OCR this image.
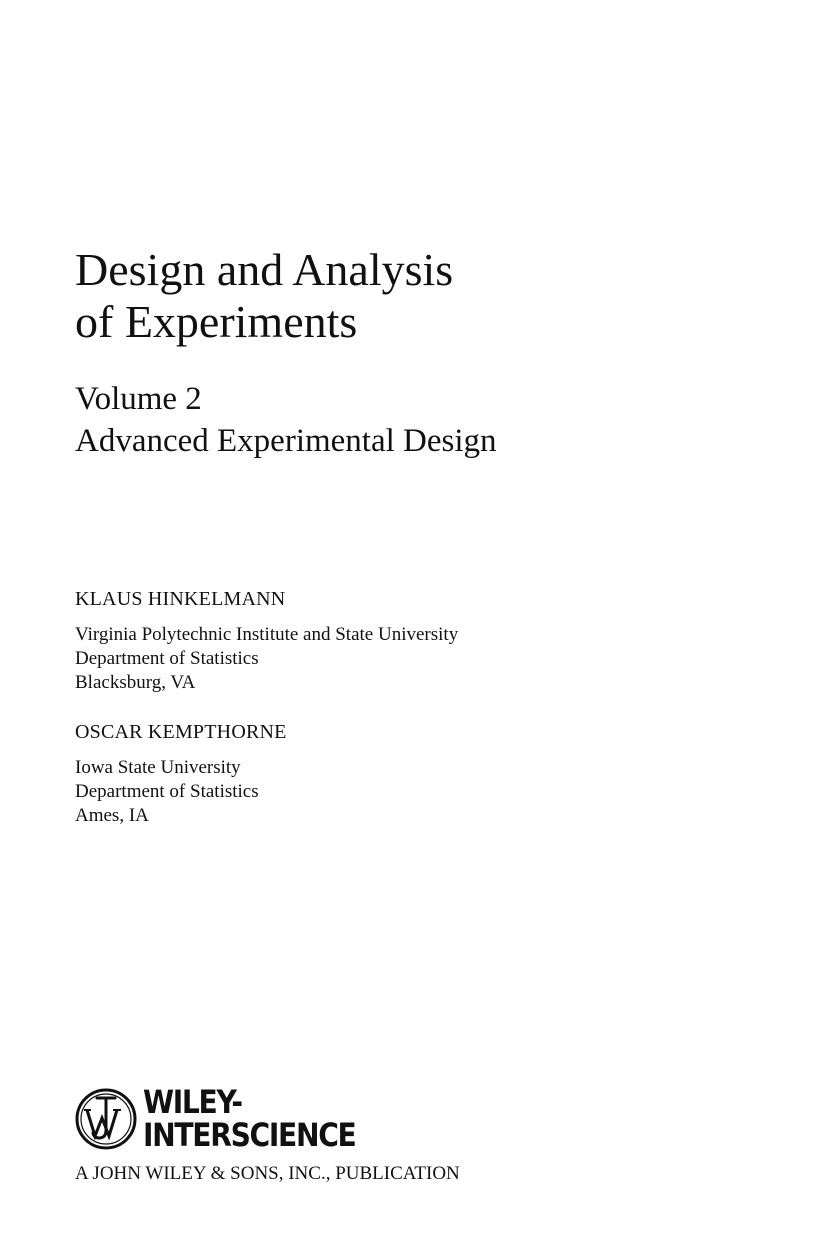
Design and Analysis
of Experiments
Volume 2
Advanced Experimental Design
KLAUS HINKELMANN
Virginia Polytechnic Institute and State University
Department of Statistics
Blacksburg, VA
OSCAR KEMPTHORNE
Iowa State University
Department of Statistics
Ames, IA
WILEY-
INTERSCIENCE
A JOHN WILEY & SONS, INC., PUBLICATION
